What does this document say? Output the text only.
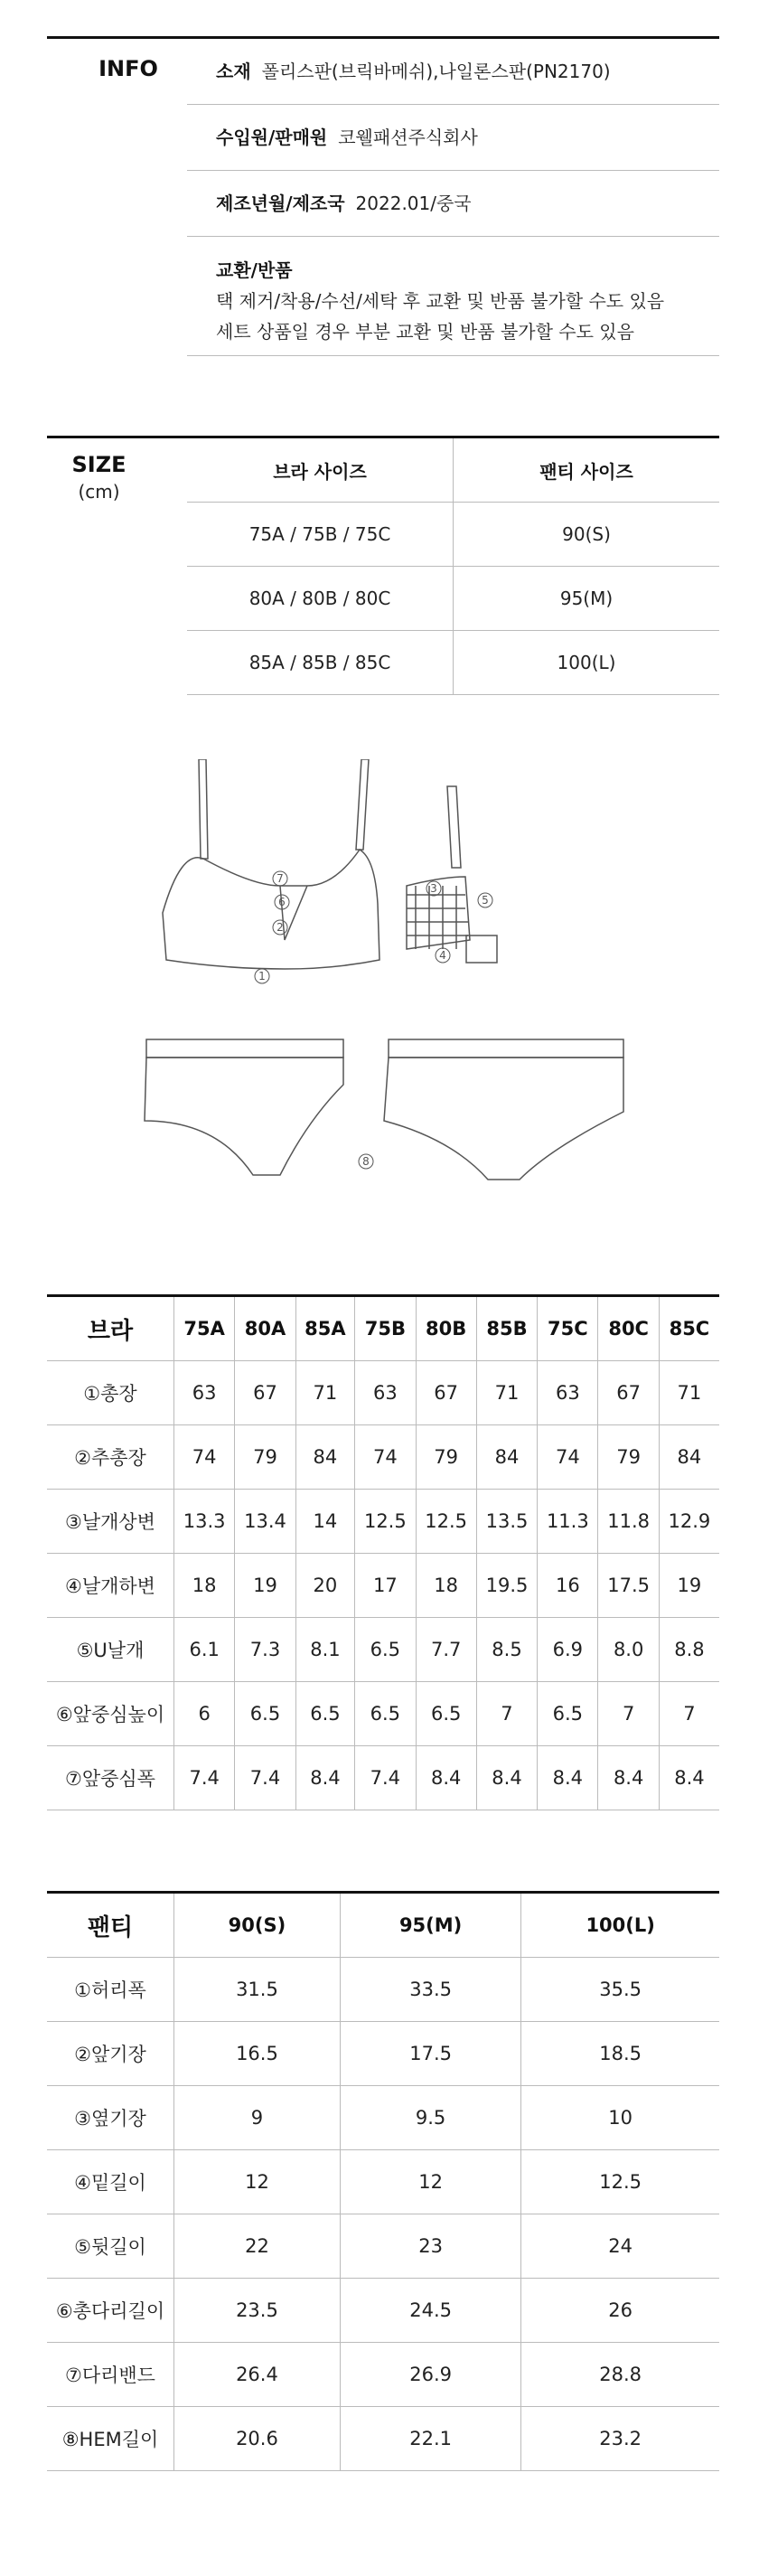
INFO	소재 폴리스판(브릭바메쉬),나일론스판(PN2170)
수입원/판매원 코웰패션주식회사
제조년월/제조국 2022.01/중국
교환/반품
택 제거/착용/수선/세탁 후 교환 및 반품 불가할 수도 있음
세트 상품일 경우 부분 교환 및 반품 불가할 수도 있음
SIZE
(cm)
브라 사이즈	팬티 사이즈
75A / 75B / 75C	90(S)
80A / 80B / 80C	95(M)
85A / 85B / 85C	100(L)
1
2
3
4
5
6
7
8
브라	75A	80A	85A	75B	80B	85B	75C	80C	85C
①총장	63	67	71	63	67	71	63	67	71
②추총장	74	79	84	74	79	84	74	79	84
③날개상변	13.3	13.4	14	12.5	12.5	13.5	11.3	11.8	12.9
④날개하변	18	19	20	17	18	19.5	16	17.5	19
⑤U날개	6.1	7.3	8.1	6.5	7.7	8.5	6.9	8.0	8.8
⑥앞중심높이	6	6.5	6.5	6.5	6.5	7	6.5	7	7
⑦앞중심폭	7.4	7.4	8.4	7.4	8.4	8.4	8.4	8.4	8.4
팬티	90(S)	95(M)	100(L)
①허리폭	31.5	33.5	35.5
②앞기장	16.5	17.5	18.5
③옆기장	9	9.5	10
④밑길이	12	12	12.5
⑤뒷길이	22	23	24
⑥총다리길이	23.5	24.5	26
⑦다리밴드	26.4	26.9	28.8
⑧HEM길이	20.6	22.1	23.2
